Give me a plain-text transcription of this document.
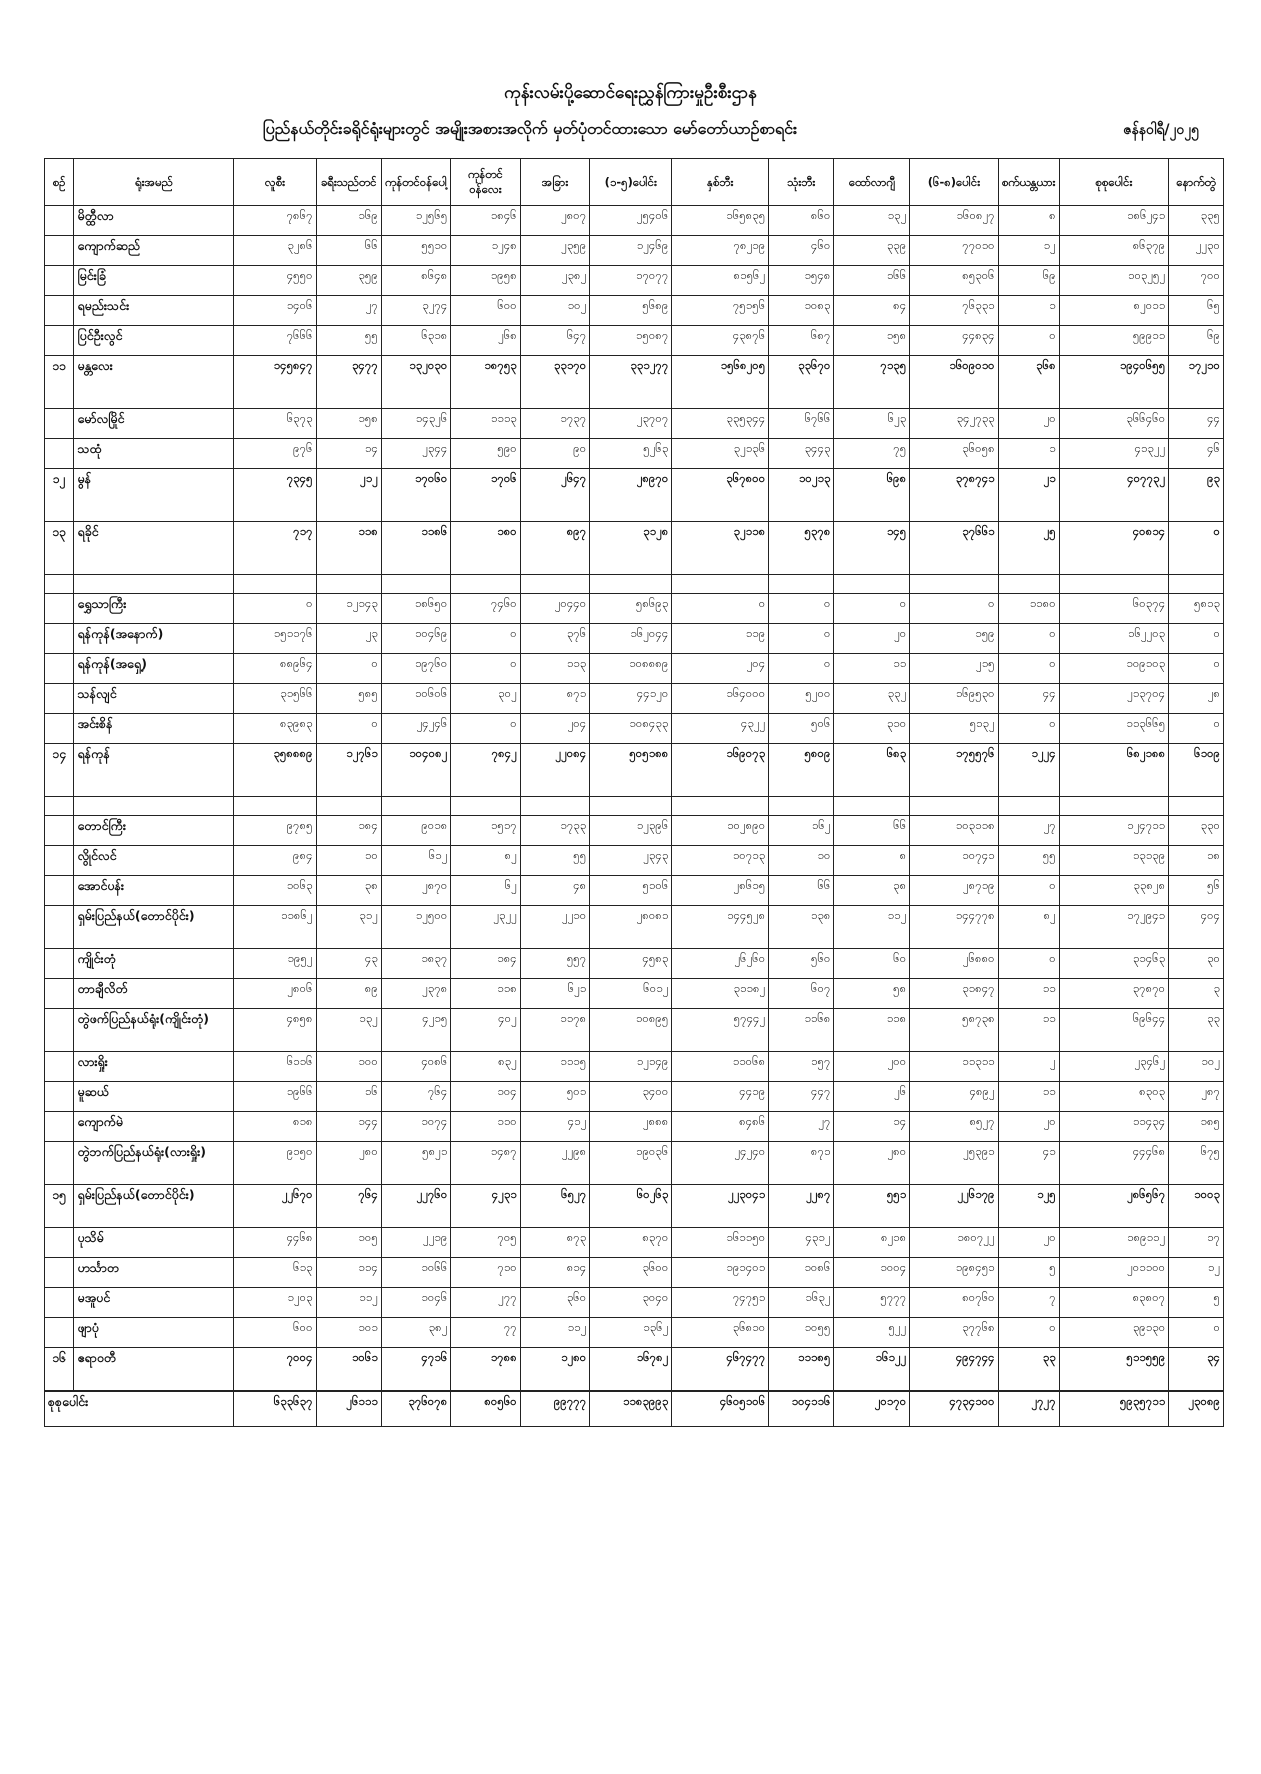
ကုန်းလမ်းပို့ဆောင်ရေးညွှန်ကြားမှုဦးစီးဌာန
ပြည်နယ်တိုင်းခရိုင်ရုံးများတွင် အမျိုးအစားအလိုက် မှတ်ပုံတင်ထားသော မော်တော်ယာဉ်စာရင်း	ဇန်နဝါရီ/၂၀၂၅
စဉ်	ရုံးအမည်	လူစီး	ခရီးသည်တင်	ကုန်တင်ဝန်ပေါ့	ကုန်တင်ဝန်လေး	အခြား	(၁-၅)ပေါင်း	နှစ်ဘီး	သုံးဘီး	ထော်လာဂျီ	(၆-၈)ပေါင်း	စက်ယန္တယား	စုစုပေါင်း	နောက်တွဲ
	မိတ္ထီလာ	၇၈၆၇	၁၆၉	၁၂၅၆၅	၁၈၄၆	၂၈၀၇	၂၅၄၀၆	၁၆၅၈၃၅	၈၆၀	၁၃၂	၁၆၀၈၂၇	၈	၁၈၆၂၄၁	၃၃၅
	ကျောက်ဆည်	၃၂၈၆	၆၆	၅၅၁၀	၁၂၄၈	၂၃၅၉	၁၂၄၆၉	၇၈၂၁၉	၄၆၀	၃၃၉	၇၇၀၁၀	၁၂	၈၆၃၇၉	၂၂၃၀
	မြင်းခြံ	၄၅၅၀	၃၅၉	၈၆၄၈	၁၉၅၈	၂၃၈၂	၁၇၀၇၇	၈၁၅၆၂	၁၅၄၈	၁၆၆	၈၅၃၀၆	၆၉	၁၀၃၂၅၂	၇၀၀
	ရမည်းသင်း	၁၄၀၆	၂၇	၃၂၇၄	၆၀၀	၁၀၂	၅၆၈၉	၇၅၁၅၆	၁၀၈၃	၈၄	၇၆၃၃၁	၁	၈၂၀၁၁	၆၅
	ပြင်ဦးလွင်	၇၆၆၆	၅၅	၆၃၁၈	၂၆၈	၆၄၇	၁၅၀၈၇	၄၃၈၇၆	၆၈၇	၁၅၈	၄၄၈၃၄	၀	၅၉၉၁၁	၆၉
၁၁	မန္တလေး	၁၄၅၈၄၇	၃၄၇၇	၁၃၂၀၃၀	၁၈၇၅၃	၃၃၁၇၀	၃၃၁၂၇၇	၁၅၆၈၂၀၅	၃၃၆၇၀	၇၁၃၅	၁၆၀၉၀၁၀	၃၆၈	၁၉၄၀၆၅၅	၁၇၂၁၀
	မော်လမြိုင်	၆၃၇၃	၁၅၈	၁၄၃၂၆	၁၁၁၃	၁၇၃၇	၂၃၇၀၇	၃၃၅၃၄၄	၆၇၆၆	၆၂၃	၃၄၂၇၃၃	၂၀	၃၆၆၄၆၀	၄၄
	သထုံ	၉၇၆	၁၄	၂၃၄၄	၅၉၀	၉၀	၅၂၆၃	၃၂၁၃၆	၃၄၄၃	၇၅	၃၆၀၅၈	၁	၄၁၃၂၂	၄၆
၁၂	မွန်	၇၃၄၅	၂၁၂	၁၇၀၆၀	၁၇၀၆	၂၆၄၇	၂၈၉၇၀	၃၆၇၈၀၀	၁၀၂၁၃	၆၉၈	၃၇၈၇၄၁	၂၁	၄၀၇၇၃၂	၉၃
၁၃	ရခိုင်	၇၁၇	၁၁၈	၁၁၈၆	၁၈၀	၈၉၇	၃၁၂၈	၃၂၁၁၈	၅၃၇၈	၁၄၅	၃၇၆၆၁	၂၅	၄၀၈၁၄	၀

	ရွှေသာကြီး	၀	၁၂၁၄၃	၁၈၆၅၀	၇၄၆၀	၂၀၄၄၀	၅၈၆၉၃	၀	၀	၀	၀	၁၁၈၀	၆၀၃၇၄	၅၈၁၃
	ရန်ကုန်(အနောက်)	၁၅၁၁၇၆	၂၃	၁၀၄၆၉	၀	၃၇၆	၁၆၂၀၄၄	၁၁၉	၀	၂၀	၁၅၉	၀	၁၆၂၂၀၃	၀
	ရန်ကုန်(အရှေ့)	၈၈၉၆၄	၀	၁၉၇၆၀	၀	၁၁၃	၁၀၈၈၈၉	၂၀၄	၀	၁၁	၂၁၅	၀	၁၀၉၁၀၃	၀
	သန်လျင်	၃၁၅၆၆	၅၈၅	၁၀၆၀၆	၃၀၂	၈၇၁	၄၄၁၂၀	၁၆၄၀၀၀	၅၂၀၀	၃၃၂	၁၆၉၅၃၀	၄၄	၂၁၃၇၀၄	၂၈
	အင်းစိန်	၈၃၉၈၃	၀	၂၄၂၄၆	၀	၂၀၄	၁၀၈၄၃၃	၄၃၂၂	၅၀၆	၃၁၀	၅၁၃၂	၀	၁၁၃၆၆၅	၀
၁၄	ရန်ကုန်	၃၅၈၈၈၉	၁၂၇၆၁	၁၀၄၀၈၂	၇၈၄၂	၂၂၀၈၄	၅၀၅၁၈၈	၁၆၉၀၇၃	၅၈၀၉	၆၈၃	၁၇၅၅၇၆	၁၂၂၄	၆၈၂၁၈၈	၆၁၀၉

	တောင်ကြီး	၉၇၈၅	၁၈၄	၉၀၁၈	၁၅၁၇	၁၇၃၃	၁၂၃၉၆	၁၀၂၈၉၀	၁၆၂	၆၆	၁၀၃၁၁၈	၂၇	၁၂၄၇၁၁	၃၃၀
	လွိုင်လင်	၉၈၄	၁၀	၆၁၂	၈၂	၅၅	၂၃၄၃	၁၀၇၁၃	၁၀	၈	၁၀၇၄၁	၅၅	၁၃၁၃၉	၁၈
	အောင်ပန်း	၁၀၆၃	၃၈	၂၈၇၀	၆၂	၄၈	၅၁၀၆	၂၈၆၁၅	၆၆	၃၈	၂၈၇၁၉	၀	၃၃၈၂၈	၅၆
	ရှမ်းပြည်နယ်(တောင်ပိုင်း)	၁၁၈၆၂	၃၁၂	၁၂၅၀၀	၂၃၂၂	၂၂၁၀	၂၈၀၈၁	၁၄၄၅၂၈	၁၃၈	၁၁၂	၁၄၄၇၇၈	၈၂	၁၇၂၉၄၁	၄၀၄
	ကျိုင်းတုံ	၁၉၅၂	၄၃	၁၈၃၇	၁၈၄	၅၅၇	၄၅၈၃	၂၆၂၆၀	၅၆၀	၆၀	၂၆၈၈၀	၀	၃၁၄၆၃	၃၀
	တာချီလိတ်	၂၈၀၆	၈၉	၂၃၇၈	၁၁၈	၆၂၁	၆၀၁၂	၃၁၁၈၂	၆၀၇	၅၈	၃၁၈၄၇	၁၁	၃၇၈၇၀	၃
	တွဲဖက်ပြည်နယ်ရုံး(ကျိုင်းတုံ)	၄၈၅၈	၁၃၂	၄၂၁၅	၄၀၂	၁၁၇၈	၁၀၈၉၅	၅၇၄၄၂	၁၁၆၈	၁၁၈	၅၈၇၃၈	၁၁	၆၉၆၄၄	၃၃
	လားရှိုး	၆၁၁၆	၁၀၀	၄၀၈၆	၈၃၂	၁၁၁၅	၁၂၁၄၉	၁၁၀၆၈	၁၅၇	၂၀၀	၁၁၃၁၁	၂	၂၃၄၆၂	၁၀၂
	မူဆယ်	၁၉၆၆	၁၆	၇၆၄	၁၀၄	၅၀၁	၃၄၀၀	၄၄၁၉	၄၄၇	၂၆	၄၈၉၂	၁၁	၈၃၀၃	၂၈၇
	ကျောက်မဲ	၈၁၈	၁၄၄	၁၀၇၄	၁၁၀	၄၁၂	၂၈၈၈	၈၄၈၆	၂၇	၁၄	၈၅၂၇	၂၀	၁၁၄၃၄	၁၈၅
	တွဲဘက်ပြည်နယ်ရုံး(လားရှိုး)	၉၁၅၀	၂၈၀	၅၈၂၁	၁၄၈၇	၂၂၉၈	၁၉၀၃၆	၂၄၂၄၀	၈၇၁	၂၈၀	၂၅၃၉၁	၄၁	၄၄၄၆၈	၆၇၅
၁၅	ရှမ်းပြည်နယ်(တောင်ပိုင်း)	၂၂၆၇၀	၇၆၄	၂၂၇၆၀	၄၂၃၁	၆၅၂၇	၆၀၂၆၃	၂၂၃၀၄၁	၂၂၈၇	၅၅၁	၂၂၆၁၇၉	၁၂၅	၂၈၆၅၆၇	၁၀၀၃
	ပုသိမ်	၄၄၆၈	၁၀၅	၂၂၁၉	၇၀၅	၈၇၃	၈၃၇၀	၁၆၁၁၅၀	၄၃၁၂	၈၂၁၈	၁၈၀၇၂၂	၂၀	၁၈၉၁၁၂	၁၇
	ဟင်္သာတ	၆၁၃	၁၁၄	၁၀၆၆	၇၁၀	၈၁၄	၃၆၀၀	၁၉၁၄၀၁	၁၀၈၆	၁၀၀၄	၁၉၈၄၅၁	၅	၂၀၁၁၀၀	၁၂
	မအူပင်	၁၂၀၃	၁၁၂	၁၀၄၆	၂၇၇	၃၆၀	၃၀၄၀	၇၄၇၅၁	၁၆၃၂	၅၇၇၇	၈၀၇၆၀	၇	၈၃၈၀၇	၅
	ဖျာပုံ	၆၀၀	၁၀၁	၃၈၂	၇၇	၁၁၂	၁၃၆၂	၃၆၈၁၀	၁၀၅၅	၅၂၂	၃၇၇၆၈	၀	၃၉၁၃၀	၀
၁၆	ဧရာဝတီ	၇၀၀၄	၁၀၆၁	၄၇၁၆	၁၇၈၈	၁၂၈၀	၁၆၇၈၂	၄၆၇၄၇၇	၁၁၁၈၅	၁၆၁၂၂	၄၉၄၇၄၄	၃၃	၅၁၁၅၅၉	၃၄
စုစုပေါင်း		၆၃၃၆၃၇	၂၆၁၁၁	၃၇၆၀၇၈	၈၀၅၆၀	၉၉၇၇၇	၁၁၈၃၉၉၃	၄၆၀၅၁၀၆	၁၀၄၁၁၆	၂၀၁၇၀	၄၇၃၄၁၀၀	၂၇၂၇	၅၉၃၅၇၁၁	၂၃၀၈၉
